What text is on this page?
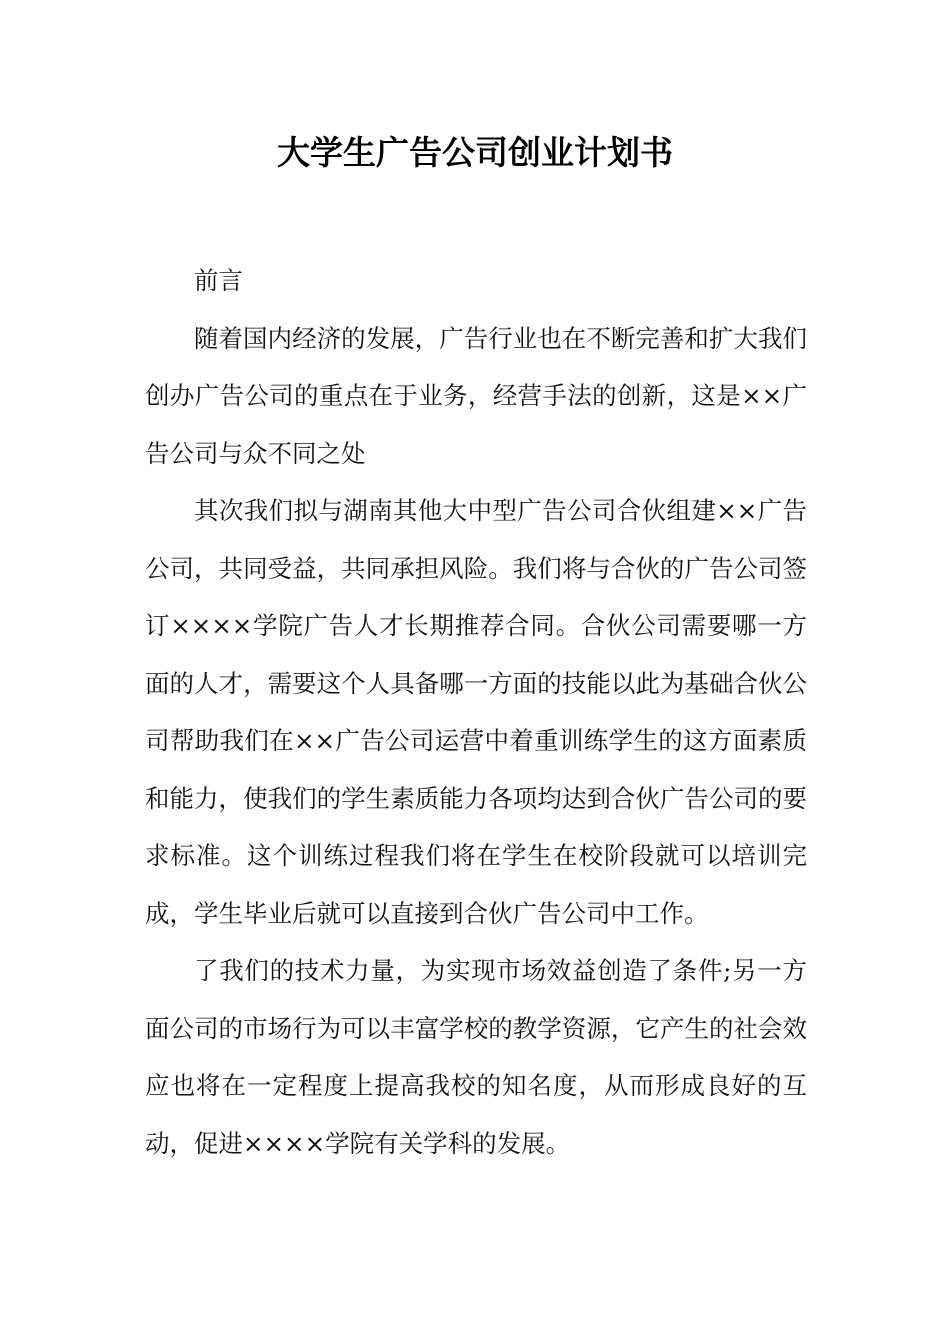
大学生广告公司创业计划书

前言

随着国内经济的发展，广告行业也在不断完善和扩大我们创办广告公司的重点在于业务，经营手法的创新，这是××广告公司与众不同之处

其次我们拟与湖南其他大中型广告公司合伙组建××广告公司，共同受益，共同承担风险。我们将与合伙的广告公司签订××××学院广告人才长期推荐合同。合伙公司需要哪一方面的人才，需要这个人具备哪一方面的技能以此为基础合伙公司帮助我们在××广告公司运营中着重训练学生的这方面素质和能力，使我们的学生素质能力各项均达到合伙广告公司的要求标准。这个训练过程我们将在学生在校阶段就可以培训完成，学生毕业后就可以直接到合伙广告公司中工作。

了我们的技术力量，为实现市场效益创造了条件;另一方面公司的市场行为可以丰富学校的教学资源，它产生的社会效应也将在一定程度上提高我校的知名度，从而形成良好的互动，促进××××学院有关学科的发展。
